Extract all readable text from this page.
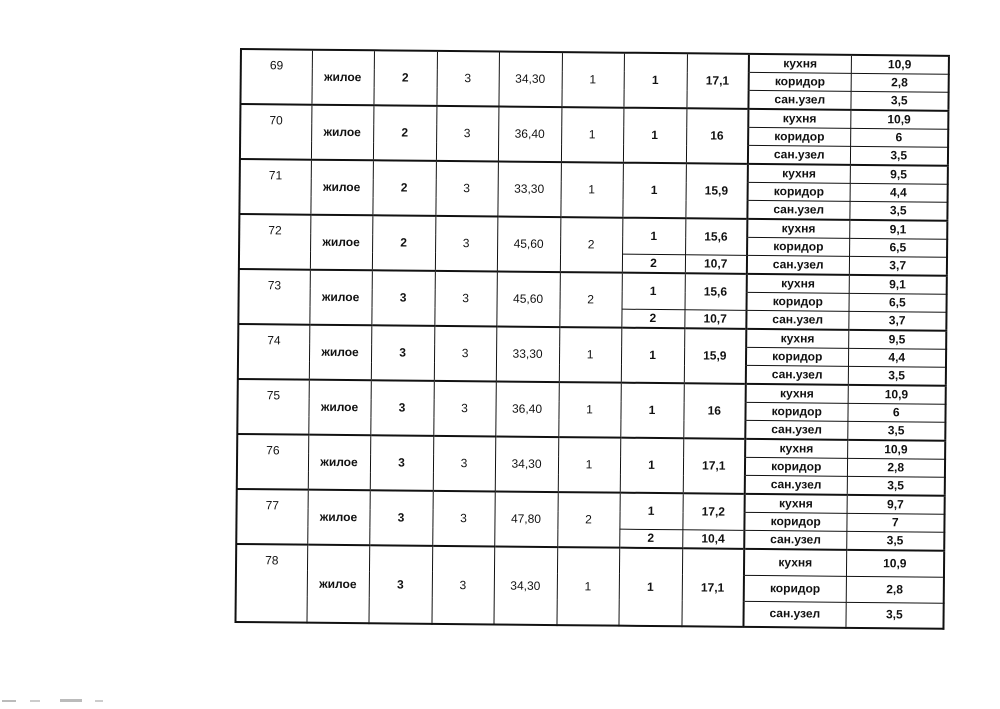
69	жилое	2	3	34,30	1	1	17,1	кухня	10,9
								коридор	2,8
								сан.узел	3,5
70	жилое	2	3	36,40	1	1	16	кухня	10,9
								коридор	6
								сан.узел	3,5
71	жилое	2	3	33,30	1	1	15,9	кухня	9,5
								коридор	4,4
								сан.узел	3,5
72	жилое	2	3	45,60	2	1	15,6	кухня	9,1
								коридор	6,5
						2	10,7	сан.узел	3,7
73	жилое	3	3	45,60	2	1	15,6	кухня	9,1
								коридор	6,5
						2	10,7	сан.узел	3,7
74	жилое	3	3	33,30	1	1	15,9	кухня	9,5
								коридор	4,4
								сан.узел	3,5
75	жилое	3	3	36,40	1	1	16	кухня	10,9
								коридор	6
								сан.узел	3,5
76	жилое	3	3	34,30	1	1	17,1	кухня	10,9
								коридор	2,8
								сан.узел	3,5
77	жилое	3	3	47,80	2	1	17,2	кухня	9,7
								коридор	7
						2	10,4	сан.узел	3,5
78	жилое	3	3	34,30	1	1	17,1	кухня	10,9
								коридор	2,8
								сан.узел	3,5
